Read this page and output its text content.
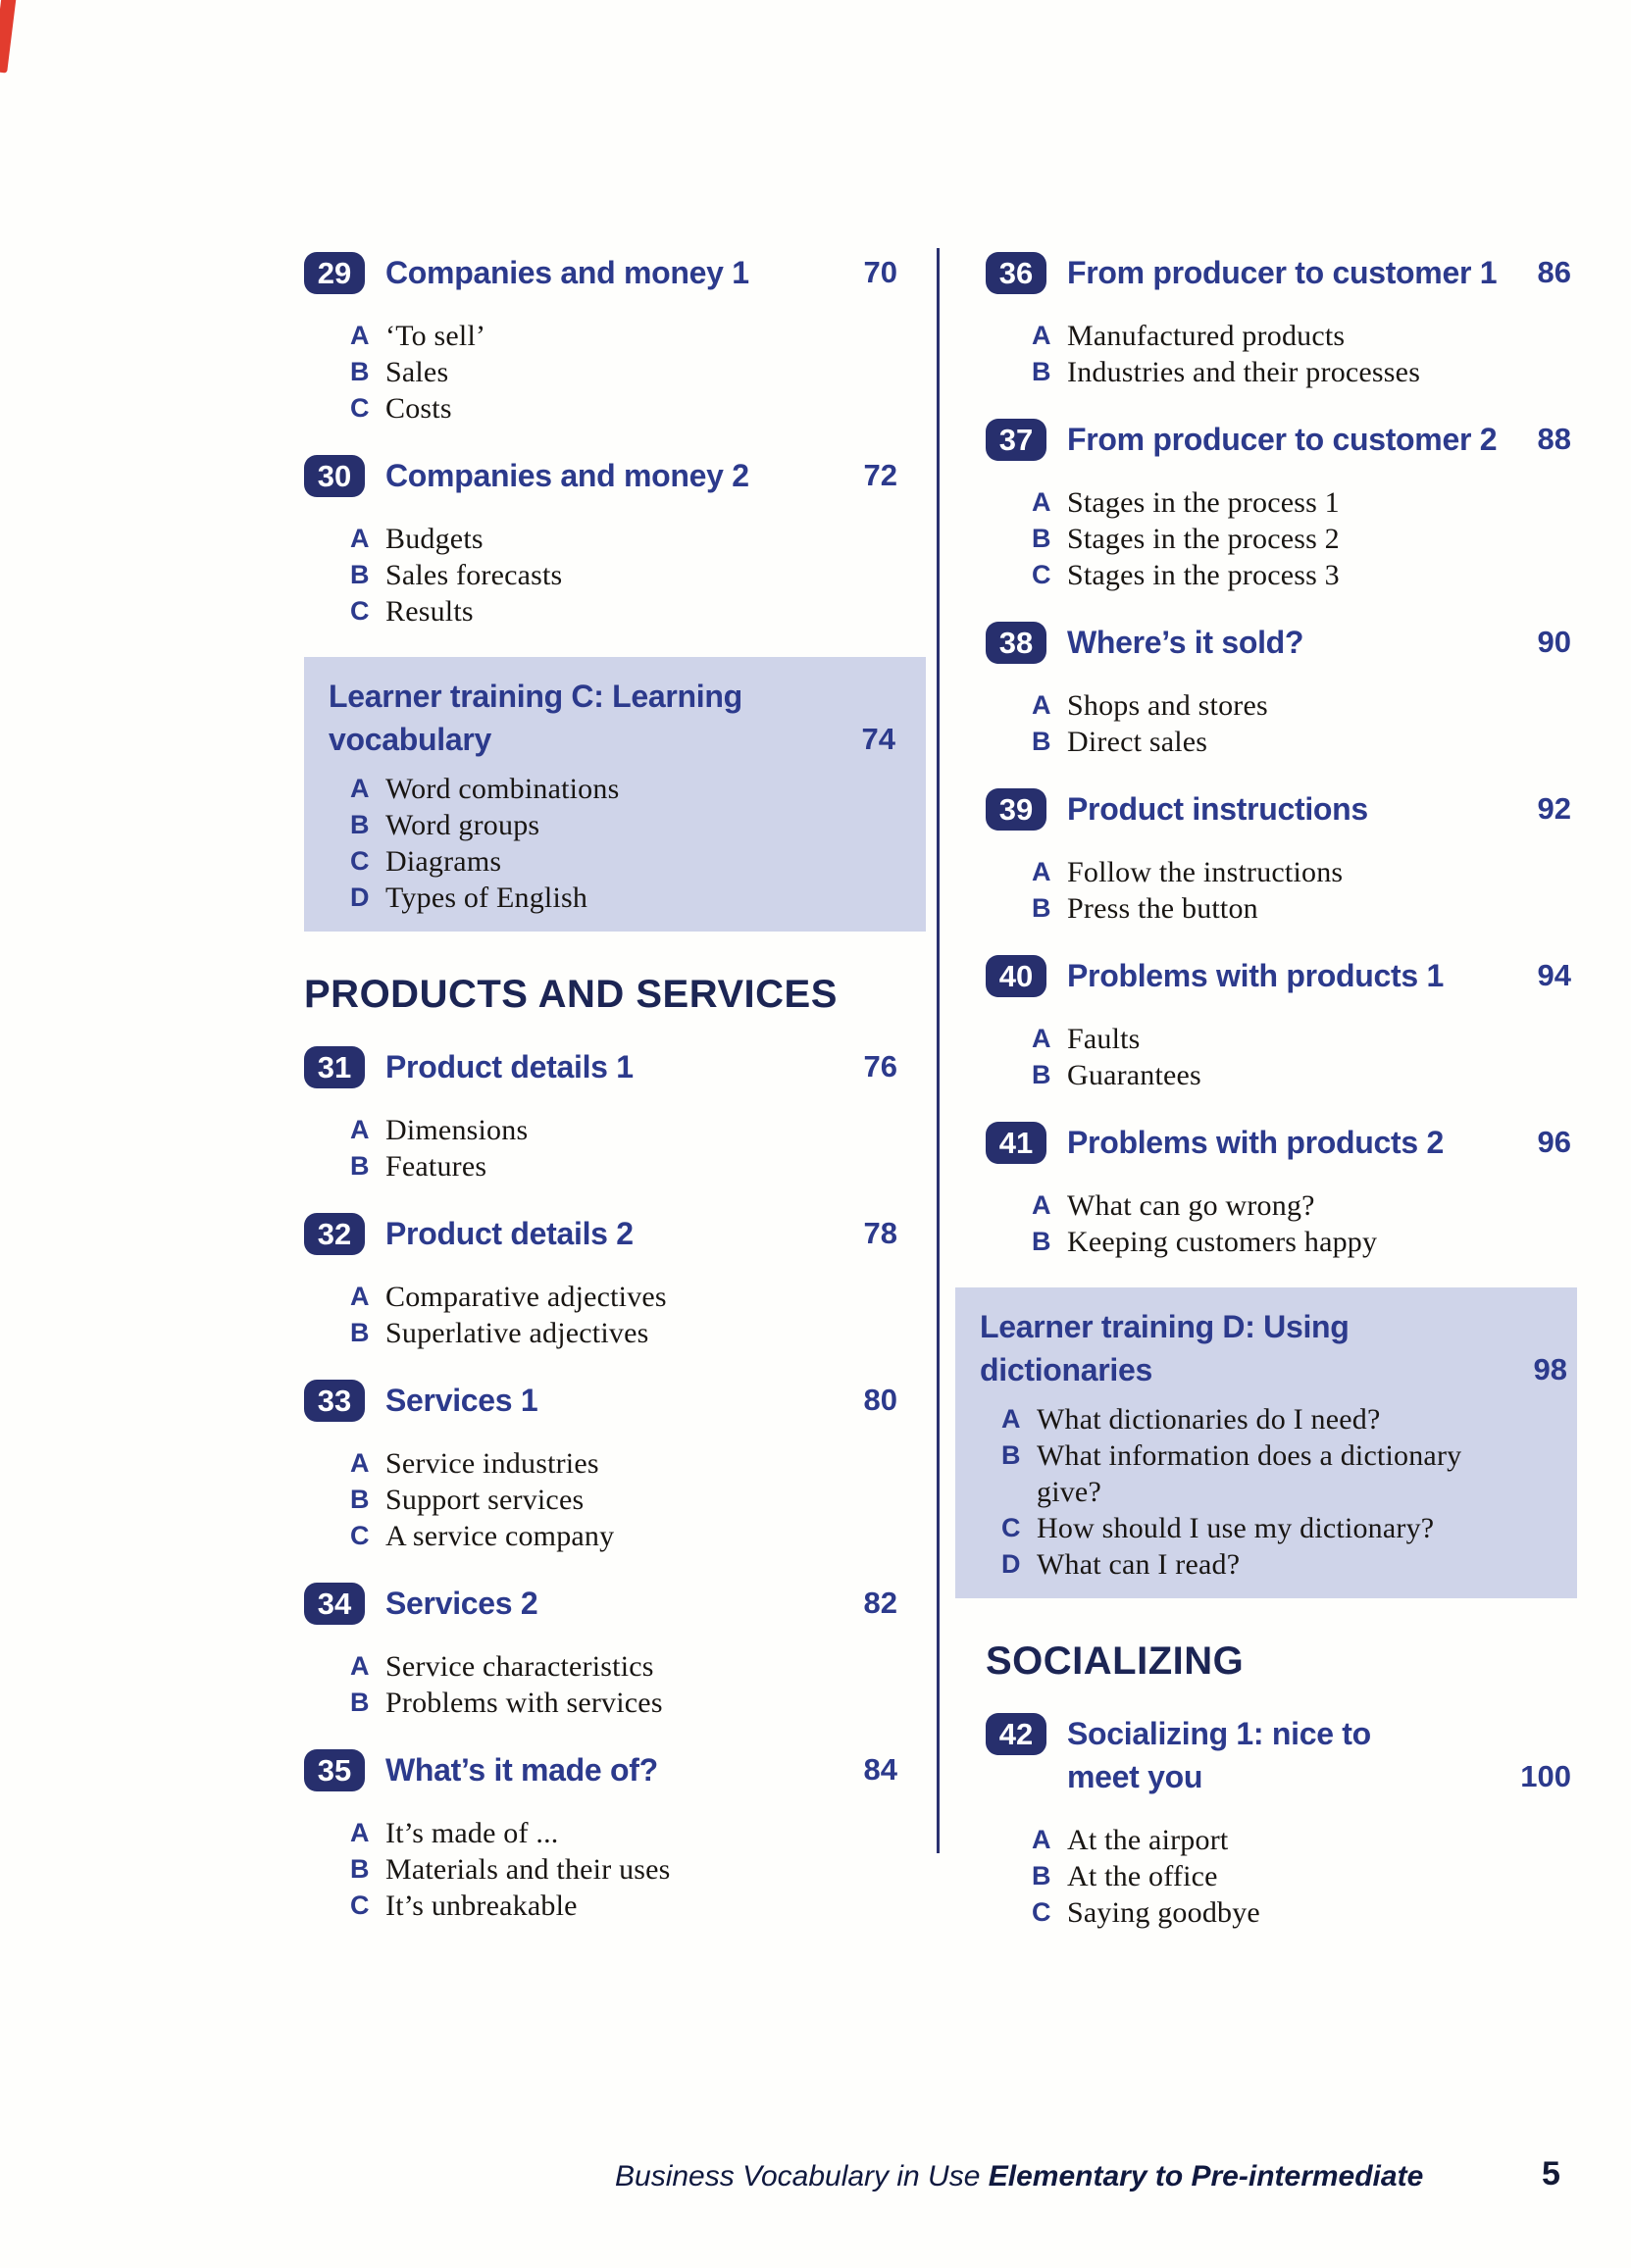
29	Companies and money 1	70
A ‘To sell’
B Sales
C Costs
30	Companies and money 2	72
A Budgets
B Sales forecasts
C Results
Learner training C: Learning
vocabulary	74
A Word combinations
B Word groups
C Diagrams
D Types of English
PRODUCTS AND SERVICES
31	Product details 1	76
A Dimensions
B Features
32	Product details 2	78
A Comparative adjectives
B Superlative adjectives
33	Services 1	80
A Service industries
B Support services
C A service company
34	Services 2	82
A Service characteristics
B Problems with services
35	What’s it made of?	84
A It’s made of ...
B Materials and their uses
C It’s unbreakable
36	From producer to customer 1	86
A Manufactured products
B Industries and their processes
37	From producer to customer 2	88
A Stages in the process 1
B Stages in the process 2
C Stages in the process 3
38	Where’s it sold?	90
A Shops and stores
B Direct sales
39	Product instructions	92
A Follow the instructions
B Press the button
40	Problems with products 1	94
A Faults
B Guarantees
41	Problems with products 2	96
A What can go wrong?
B Keeping customers happy
Learner training D: Using
dictionaries	98
A What dictionaries do I need?
B What information does a dictionary give?
C How should I use my dictionary?
D What can I read?
SOCIALIZING
42	Socializing 1: nice to
meet you	100
A At the airport
B At the office
C Saying goodbye
Business Vocabulary in Use Elementary to Pre-intermediate	5
